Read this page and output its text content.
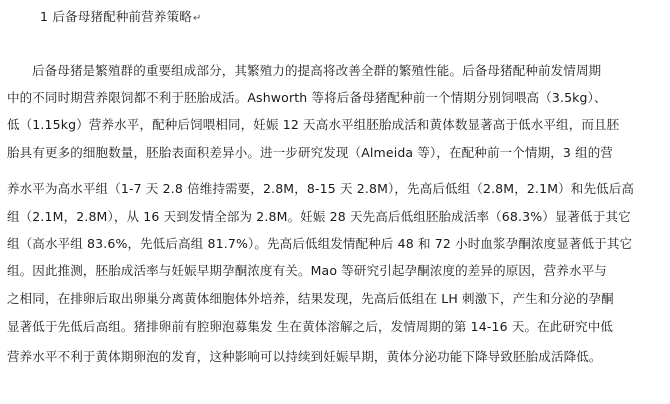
1 后备母猪配种前营养策略↵
后备母猪是繁殖群的重要组成部分，其繁殖力的提高将改善全群的繁殖性能。后备母猪配种前发情周期
中的不同时期营养限饲都不利于胚胎成活。Ashworth 等将后备母猪配种前一个情期分别饲喂高（3.5kg）、
低（1.15kg）营养水平，配种后饲喂相同，妊娠 12 天高水平组胚胎成活和黄体数显著高于低水平组，而且胚
胎具有更多的细胞数量，胚胎表面积差异小。进一步研究发现（Almeida 等），在配种前一个情期，3 组的营
养水平为高水平组（1-7 天 2.8 倍维持需要，2.8M，8-15 天 2.8M），先高后低组（2.8M，2.1M）和先低后高
组（2.1M，2.8M），从 16 天到发情全部为 2.8M。妊娠 28 天先高后低组胚胎成活率（68.3%）显著低于其它
组（高水平组 83.6%，先低后高组 81.7%）。先高后低组发情配种后 48 和 72 小时血浆孕酮浓度显著低于其它
组。因此推测，胚胎成活率与妊娠早期孕酮浓度有关。Mao 等研究引起孕酮浓度的差异的原因，营养水平与
之相同，在排卵后取出卵巢分离黄体细胞体外培养，结果发现，先高后低组在 LH 刺激下，产生和分泌的孕酮
显著低于先低后高组。猪排卵前有腔卵泡募集发 生在黄体溶解之后，发情周期的第 14-16 天。在此研究中低
营养水平不利于黄体期卵泡的发育，这种影响可以持续到妊娠早期，黄体分泌功能下降导致胚胎成活降低。
